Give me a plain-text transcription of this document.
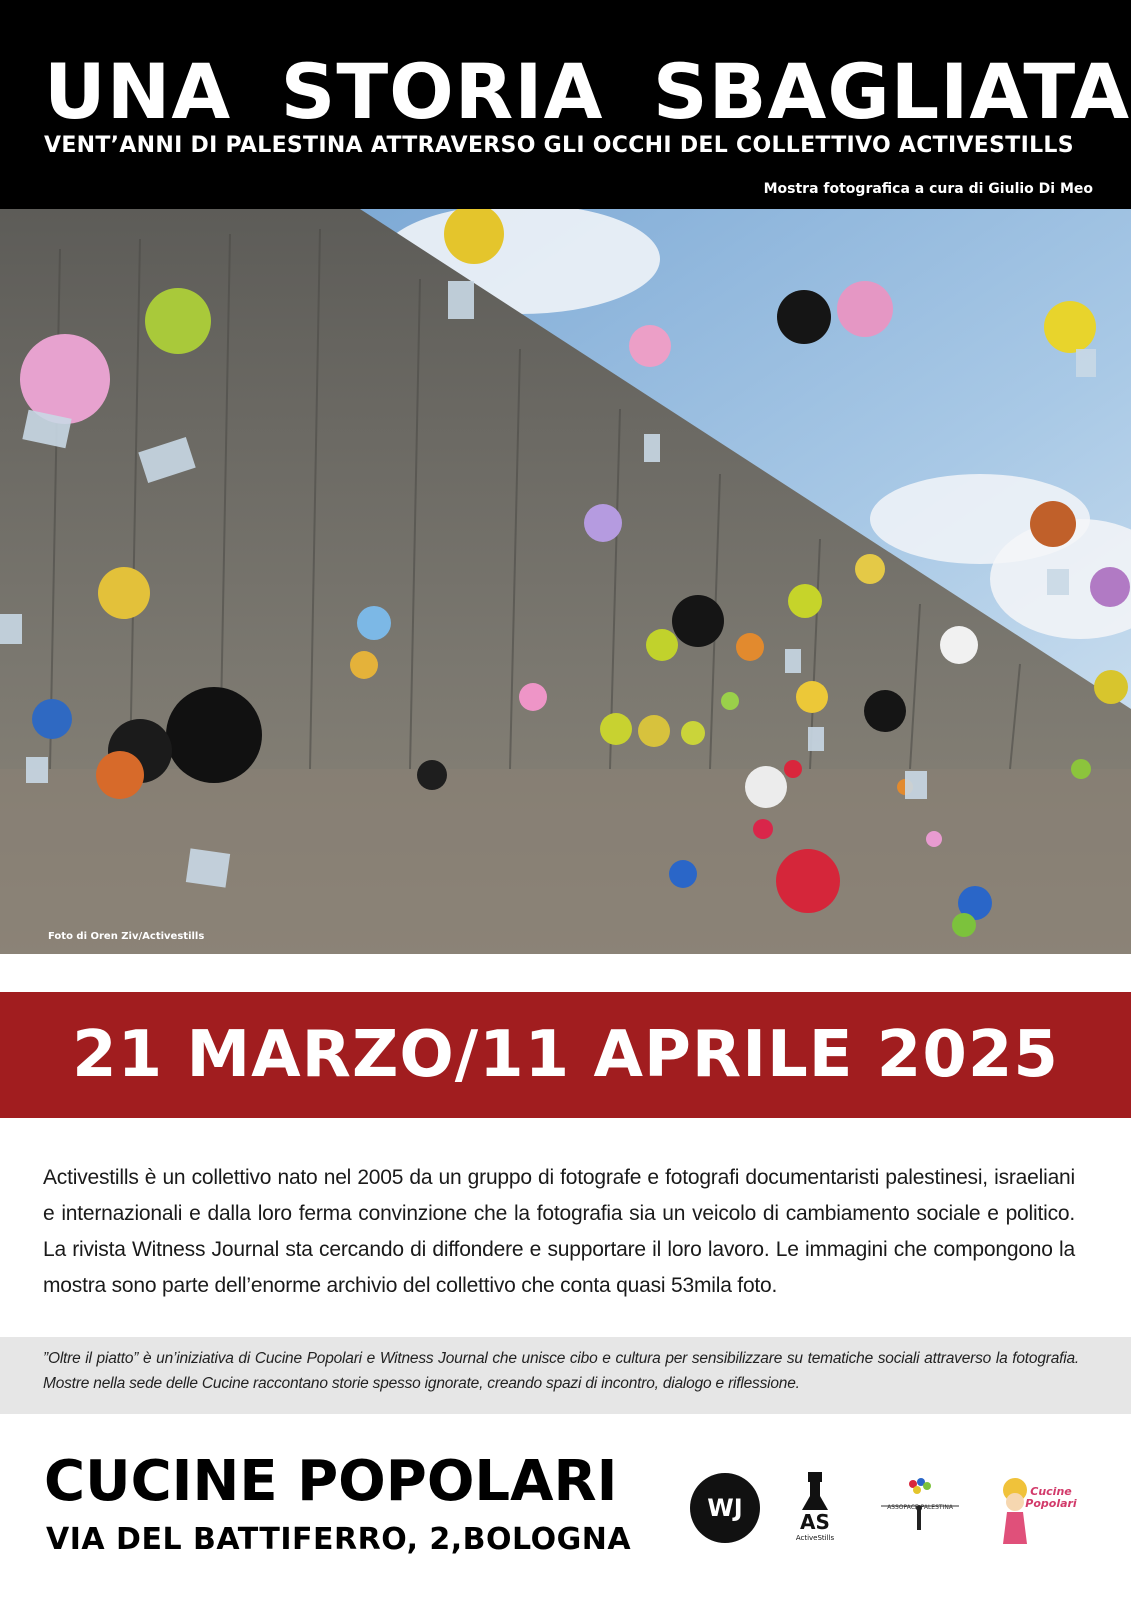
UNA STORIA SBAGLIATA
VENT’ANNI DI PALESTINA ATTRAVERSO GLI OCCHI DEL COLLETTIVO ACTIVESTILLS
Mostra fotografica a cura di Giulio Di Meo
Foto di Oren Ziv/Activestills
21 MARZO/11 APRILE 2025
Activestills è un collettivo nato nel 2005 da un gruppo di fotografe e fotografi documentaristi palestinesi, israeliani e internazionali e dalla loro ferma convinzione che la fotografia sia un veicolo di cambiamento sociale e politico. La rivista Witness Journal sta cercando di diffondere e supportare il loro lavoro. Le immagini che compongono la mostra sono parte dell’enorme archivio del collettivo che conta quasi 53mila foto.
”Oltre il piatto” è un’iniziativa di Cucine Popolari e Witness Journal che unisce cibo e cultura per sensibilizzare su tematiche sociali attraverso la fotografia. Mostre nella sede delle Cucine raccontano storie spesso ignorate, creando spazi di incontro, dialogo e riflessione.
CUCINE POPOLARI
VIA DEL BATTIFERRO, 2,BOLOGNA
WJ	AS
ActiveStills
ASSOPACE PALESTINA
Cucine Popolari
